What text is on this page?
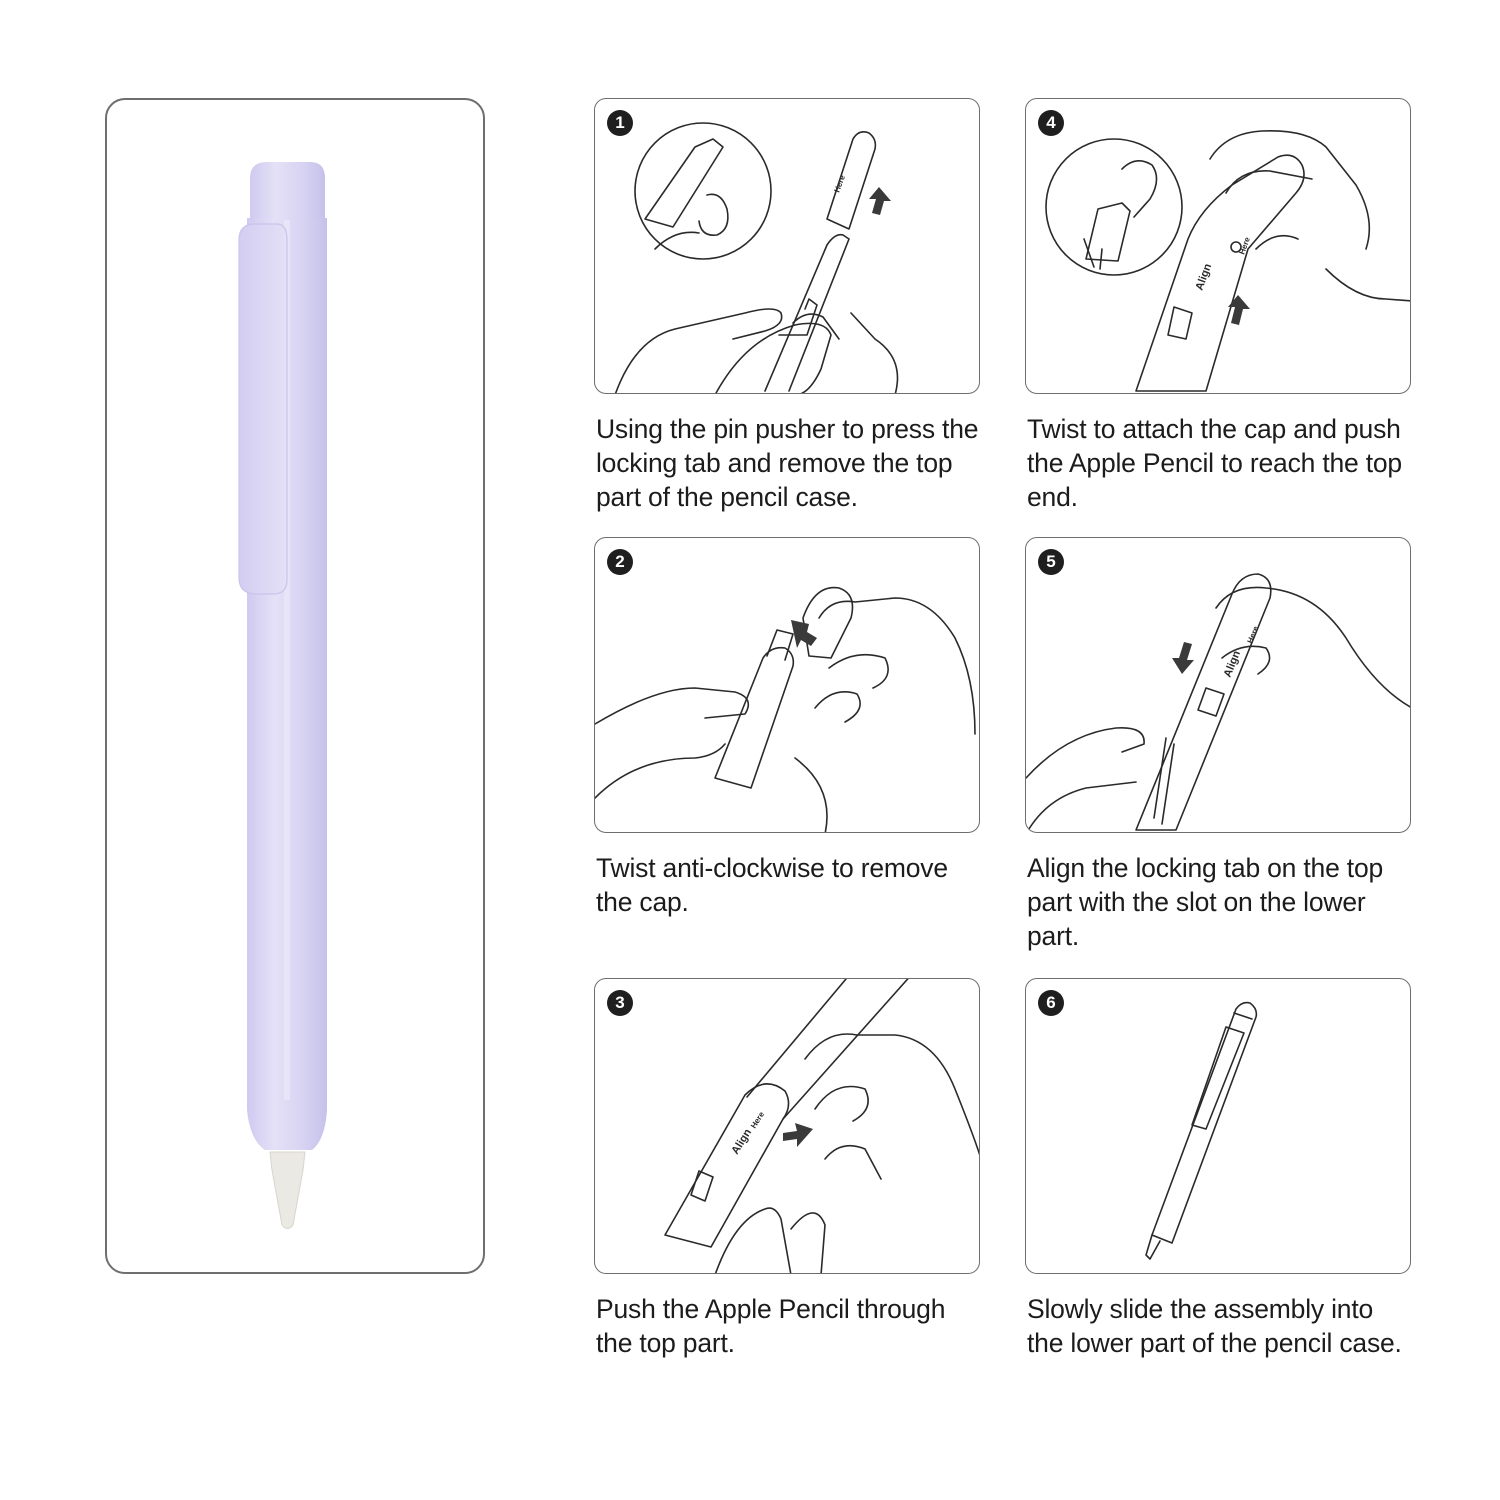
1
Here
Using the pin pusher to press the locking tab and remove the top part of the pencil case.
4
Align
Here
Twist to attach the cap and push the Apple Pencil to reach the top end.
2
Twist anti-clockwise to remove the cap.
5
Align
Here
Align the locking tab on the top part with the slot on the lower part.
3
Align
Here
Push the Apple Pencil through the top part.
6
Slowly slide the assembly into the lower part of the pencil case.
